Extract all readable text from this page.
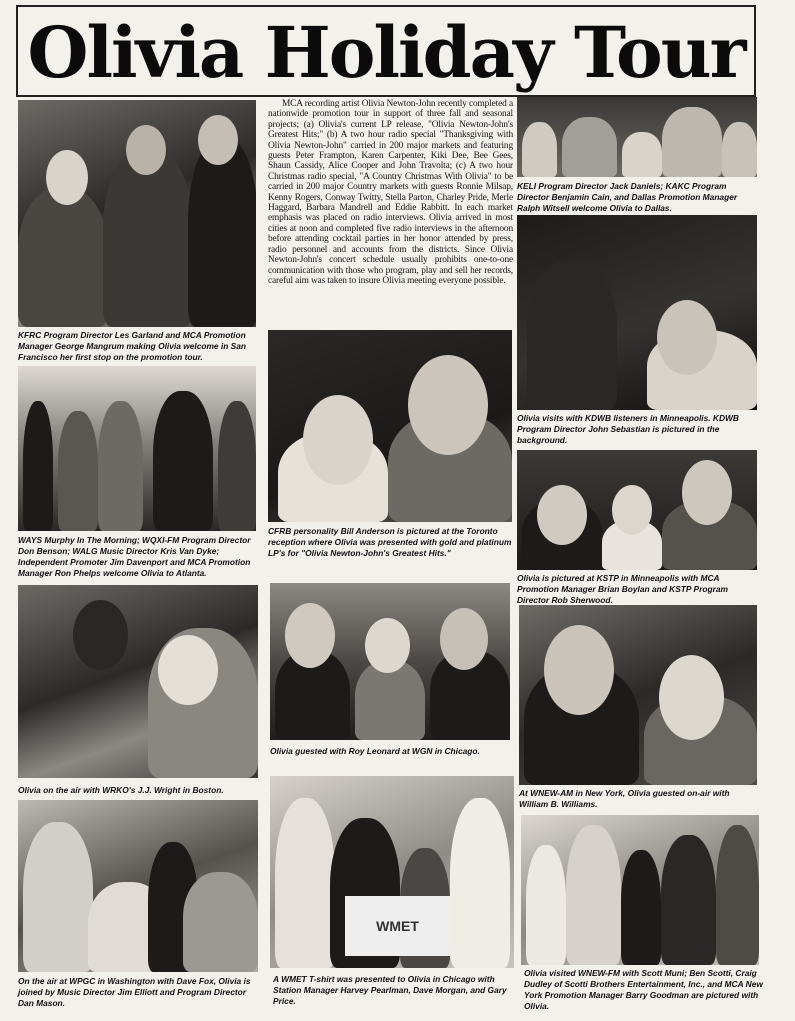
Olivia Holiday Tour
MCA recording artist Olivia Newton-John recently completed a nationwide promotion tour in support of three fall and seasonal projects; (a) Olivia's current LP release, "Olivia Newton-John's Greatest Hits;" (b) A two hour radio special "Thanksgiving with Olivia Newton-John" carried in 200 major markets and featuring guests Peter Frampton, Karen Carpenter, Kiki Dee, Bee Gees, Shaun Cassidy, Alice Cooper and John Travolta; (c) A two hour Christmas radio special, "A Country Christmas With Olivia" to be carried in 200 major Country markets with guests Ronnie Milsap, Kenny Rogers, Conway Twitty, Stella Parton, Charley Pride, Merle Haggard, Barbara Mandrell and Eddie Rabbitt. In each market emphasis was placed on radio interviews. Olivia arrived in most cities at noon and completed five radio interviews in the afternoon before attending cocktail parties in her honor attended by press, radio personnel and accounts from the districts. Since Olivia Newton-John's concert schedule usually prohibits one-to-one communication with those who program, play and sell her records, careful aim was taken to insure Olivia meeting everyone possible.
KFRC Program Director Les Garland and MCA Promotion Manager George Mangrum making Olivia welcome in San Francisco her first stop on the promotion tour.
WAYS Murphy In The Morning; WQXI-FM Program Director Don Benson; WALG Music Director Kris Van Dyke; Independent Promoter Jim Davenport and MCA Promotion Manager Ron Phelps welcome Olivia to Atlanta.
Olivia on the air with WRKO's J.J. Wright in Boston.
On the air at WPGC in Washington with Dave Fox, Olivia is joined by Music Director Jim Elliott and Program Director Dan Mason.
CFRB personality Bill Anderson is pictured at the Toronto reception where Olivia was presented with gold and platinum LP's for "Olivia Newton-John's Greatest Hits."
Olivia guested with Roy Leonard at WGN in Chicago.
WMET
A WMET T-shirt was presented to Olivia in Chicago with Station Manager Harvey Pearlman, Dave Morgan, and Gary Price.
KELI Program Director Jack Daniels; KAKC Program Director Benjamin Cain, and Dallas Promotion Manager Ralph Witsell welcome Olivia to Dallas.
Olivia visits with KDWB listeners in Minneapolis. KDWB Program Director John Sebastian is pictured in the background.
Olivia is pictured at KSTP in Minneapolis with MCA Promotion Manager Brian Boylan and KSTP Program Director Rob Sherwood.
At WNEW-AM in New York, Olivia guested on-air with William B. Williams.
Olivia visited WNEW-FM with Scott Muni; Ben Scotti, Craig Dudley of Scotti Brothers Entertainment, Inc., and MCA New York Promotion Manager Barry Goodman are pictured with Olivia.
